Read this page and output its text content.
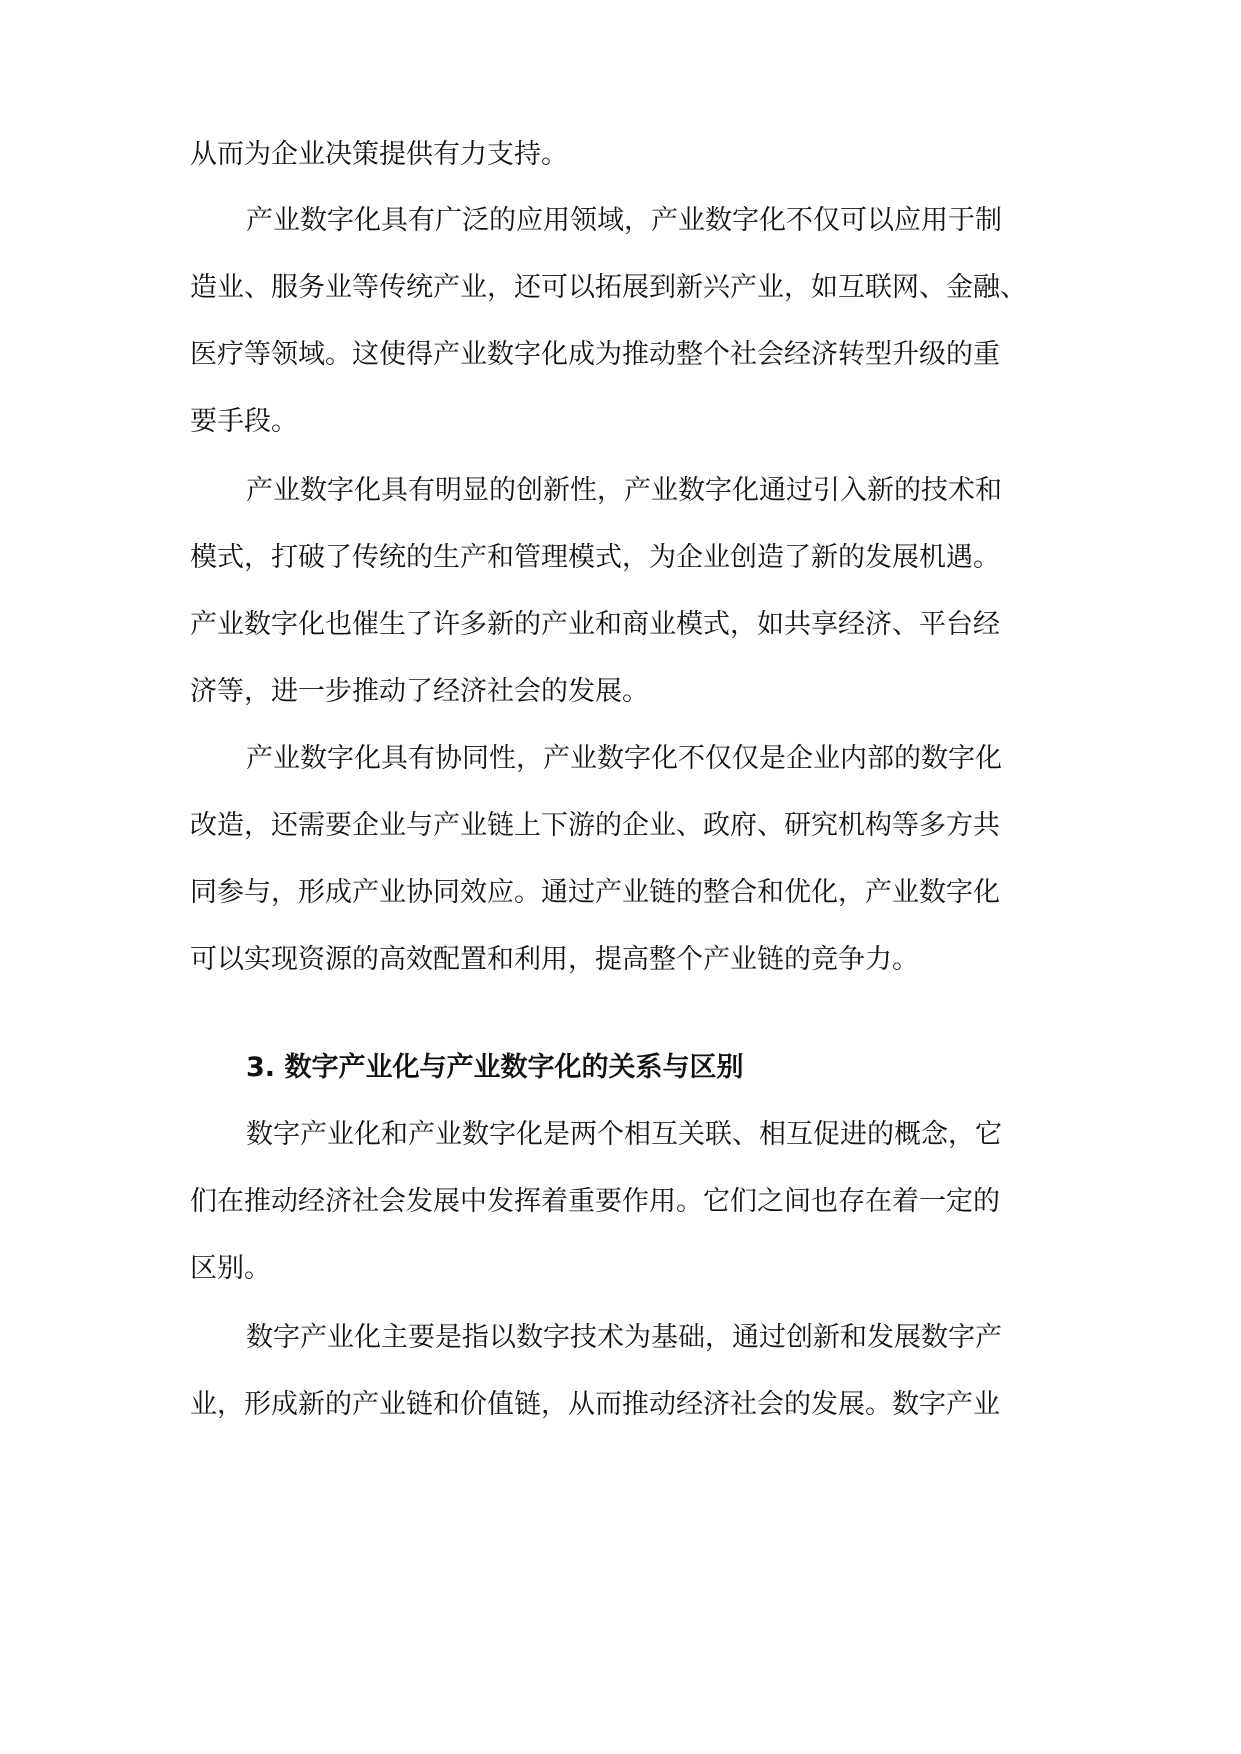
从而为企业决策提供有力支持。

产业数字化具有广泛的应用领域，产业数字化不仅可以应用于制

造业、服务业等传统产业，还可以拓展到新兴产业，如互联网、金融、

医疗等领域。这使得产业数字化成为推动整个社会经济转型升级的重

要手段。

产业数字化具有明显的创新性，产业数字化通过引入新的技术和

模式，打破了传统的生产和管理模式，为企业创造了新的发展机遇。

产业数字化也催生了许多新的产业和商业模式，如共享经济、平台经

济等，进一步推动了经济社会的发展。

产业数字化具有协同性，产业数字化不仅仅是企业内部的数字化

改造，还需要企业与产业链上下游的企业、政府、研究机构等多方共

同参与，形成产业协同效应。通过产业链的整合和优化，产业数字化

可以实现资源的高效配置和利用，提高整个产业链的竞争力。

3. 数字产业化与产业数字化的关系与区别

数字产业化和产业数字化是两个相互关联、相互促进的概念，它

们在推动经济社会发展中发挥着重要作用。它们之间也存在着一定的

区别。

数字产业化主要是指以数字技术为基础，通过创新和发展数字产

业，形成新的产业链和价值链，从而推动经济社会的发展。数字产业
